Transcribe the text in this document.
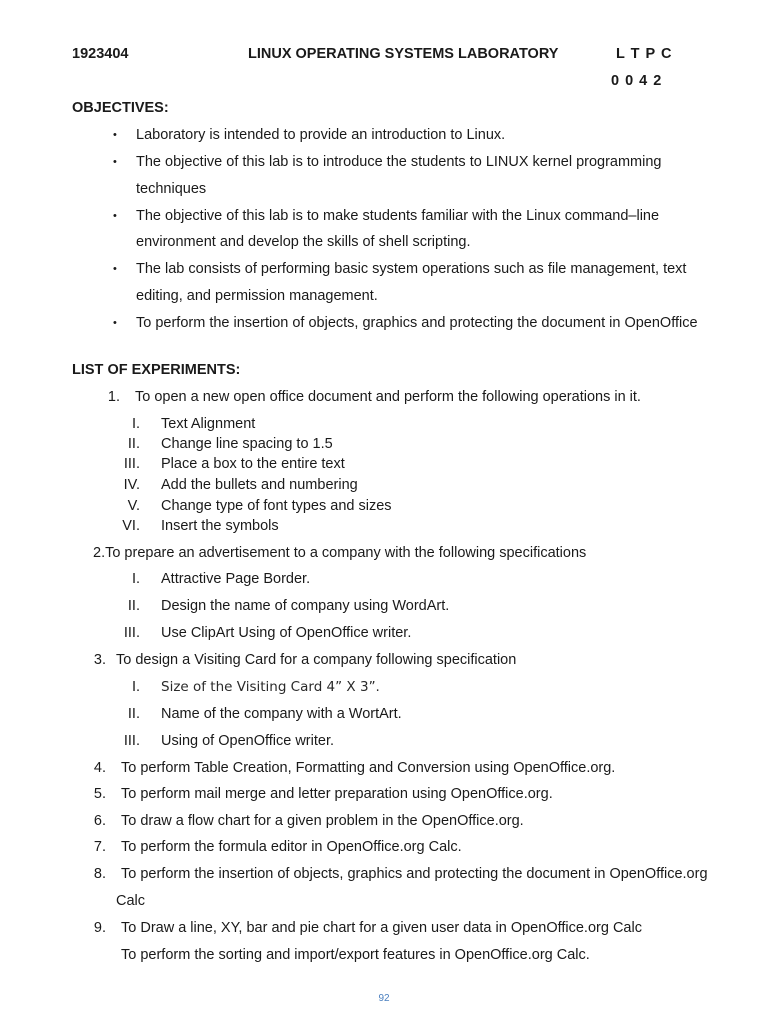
1923404	LINUX OPERATING SYSTEMS LABORATORY	L T P C
0 0 4 2
OBJECTIVES:
• Laboratory is intended to provide an introduction to Linux.
• The objective of this lab is to introduce the students to LINUX kernel programming
techniques
• The objective of this lab is to make students familiar with the Linux command–line
environment and develop the skills of shell scripting.
• The lab consists of performing basic system operations such as file management, text
editing, and permission management.
• To perform the insertion of objects, graphics and protecting the document in OpenOffice
LIST OF EXPERIMENTS:
1. To open a new open office document and perform the following operations in it.
I. Text Alignment
II. Change line spacing to 1.5
III. Place a box to the entire text
IV. Add the bullets and numbering
V. Change type of font types and sizes
VI. Insert the symbols
2.To prepare an advertisement to a company with the following specifications
I. Attractive Page Border.
II. Design the name of company using WordArt.
III. Use ClipArt Using of OpenOffice writer.
3. To design a Visiting Card for a company following specification
I. Size of the Visiting Card 4” X 3”.
II. Name of the company with a WortArt.
III. Using of OpenOffice writer.
4. To perform Table Creation, Formatting and Conversion using OpenOffice.org.
5. To perform mail merge and letter preparation using OpenOffice.org.
6. To draw a flow chart for a given problem in the OpenOffice.org.
7. To perform the formula editor in OpenOffice.org Calc.
8. To perform the insertion of objects, graphics and protecting the document in OpenOffice.org
Calc
9. To Draw a line, XY, bar and pie chart for a given user data in OpenOffice.org Calc
To perform the sorting and import/export features in OpenOffice.org Calc.
92
